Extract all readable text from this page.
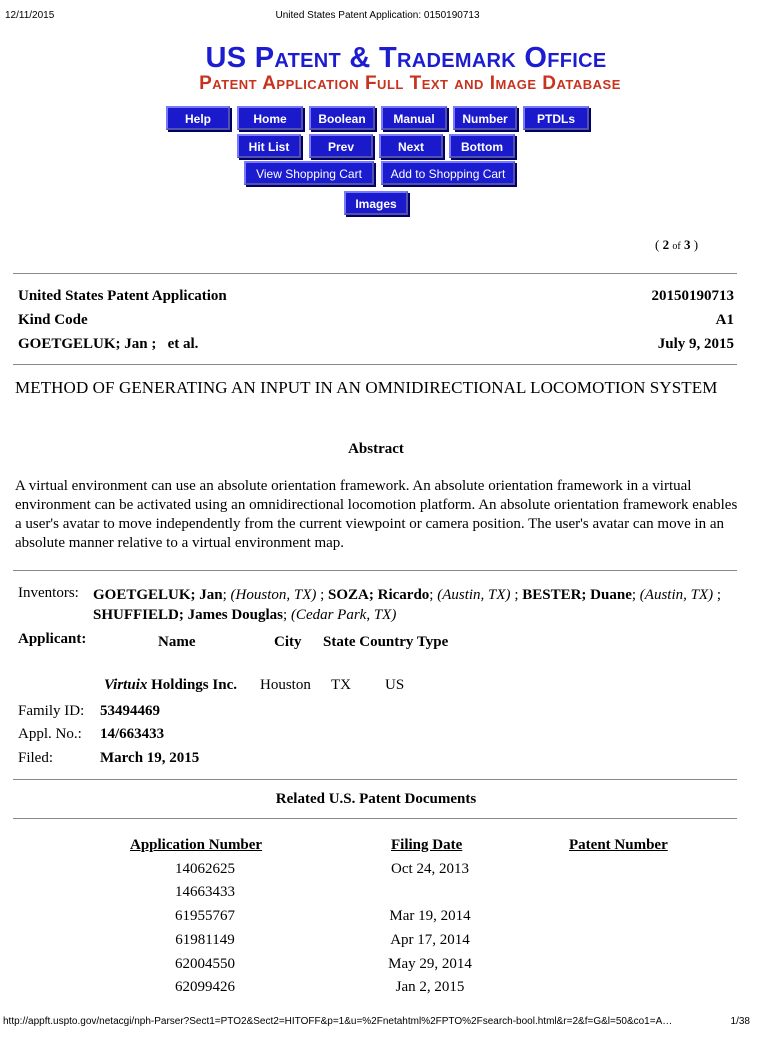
12/11/2015	United States Patent Application: 0150190713
US Patent & Trademark Office
Patent Application Full Text and Image Database
Help	Home	Boolean	Manual	Number	PTDLs
Hit List	Prev	Next	Bottom
View Shopping Cart	Add to Shopping Cart
Images
( 2 of 3 )
United States Patent Application	20150190713
Kind Code	A1
GOETGELUK; Jan ;   et al.	July 9, 2015
METHOD OF GENERATING AN INPUT IN AN OMNIDIRECTIONAL LOCOMOTION SYSTEM
Abstract
A virtual environment can use an absolute orientation framework. An absolute orientation framework in a virtual environment can be activated using an omnidirectional locomotion platform. An absolute orientation framework enables a user's avatar to move independently from the current viewpoint or camera position. The user's avatar can move in an absolute manner relative to a virtual environment map.
Inventors: GOETGELUK; Jan; (Houston, TX) ; SOZA; Ricardo; (Austin, TX) ; BESTER; Duane; (Austin, TX) ; SHUFFIELD; James Douglas; (Cedar Park, TX)
Applicant:	Name	City State Country Type
Virtuix Holdings Inc. Houston TX US
Family ID: 53494469
Appl. No.: 14/663433
Filed:	March 19, 2015
Related U.S. Patent Documents
Application Number	Filing Date	Patent Number
14062625	Oct 24, 2013
14663433
61955767	Mar 19, 2014
61981149	Apr 17, 2014
62004550	May 29, 2014
62099426	Jan 2, 2015
http://appft.uspto.gov/netacgi/nph-Parser?Sect1=PTO2&Sect2=HITOFF&p=1&u=%2Fnetahtml%2FPTO%2Fsearch-bool.html&r=2&f=G&l=50&co1=A…	1/38
